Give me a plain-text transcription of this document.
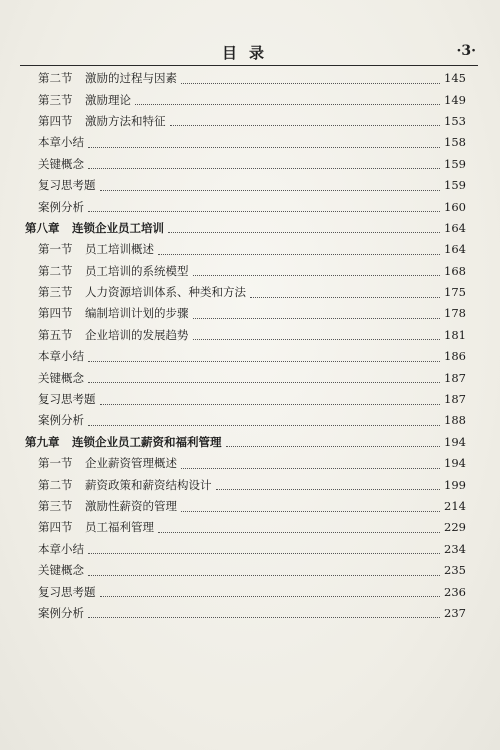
目录	·3·
第二节	激励的过程与因素	145
第三节	激励理论	149
第四节	激励方法和特征	153
本章小结	158
关键概念	159
复习思考题	159
案例分析	160
第八章	连锁企业员工培训	164
第一节	员工培训概述	164
第二节	员工培训的系统模型	168
第三节	人力资源培训体系、种类和方法	175
第四节	编制培训计划的步骤	178
第五节	企业培训的发展趋势	181
本章小结	186
关键概念	187
复习思考题	187
案例分析	188
第九章	连锁企业员工薪资和福利管理	194
第一节	企业薪资管理概述	194
第二节	薪资政策和薪资结构设计	199
第三节	激励性薪资的管理	214
第四节	员工福利管理	229
本章小结	234
关键概念	235
复习思考题	236
案例分析	237
